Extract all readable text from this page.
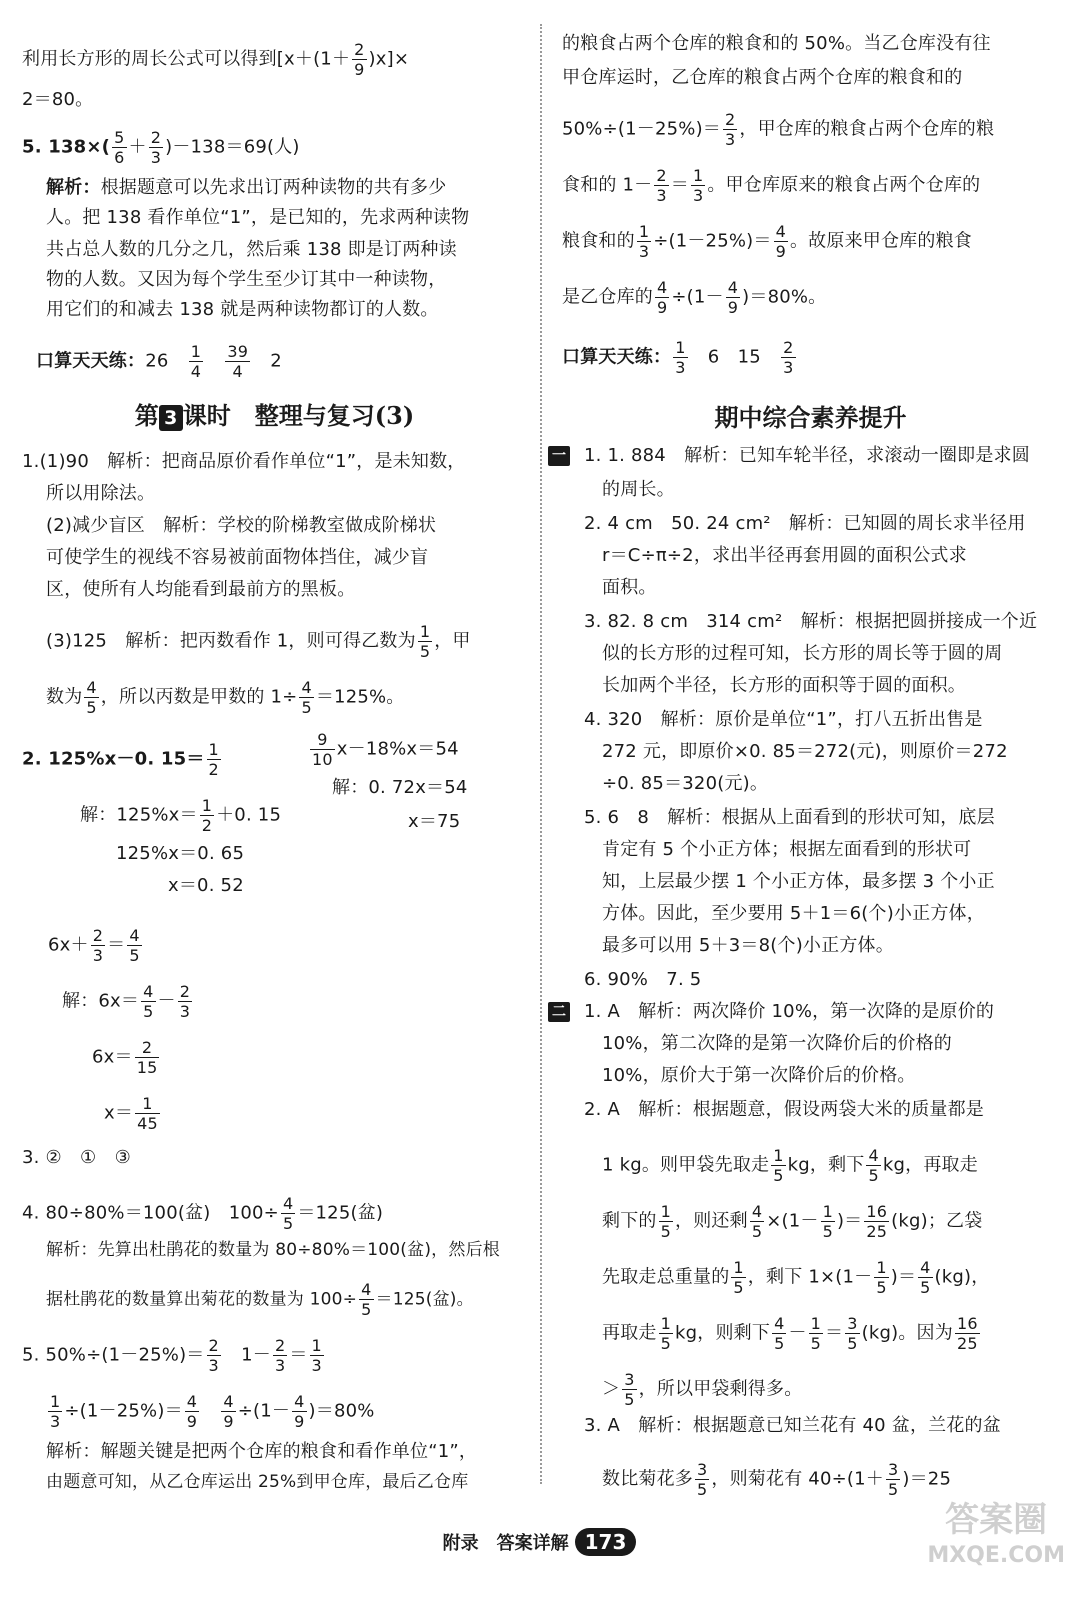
利用长方形的周长公式可以得到$[x+(1+ \frac{2}{9} )x]\times$
2＝80。
5. $138\times( \frac{5}{6} + \frac{2}{3} )-138=69$(人)
解析：根据题意可以先求出订两种读物的共有多少
人。把 138 看作单位“1”，是已知的，先求两种读物
共占总人数的几分之几，然后乘 138 即是订两种读
物的人数。又因为每个学生至少订其中一种读物，
用它们的和减去 138 就是两种读物都订的人数。
口算天天练：26　 $\frac{1}{4}$
　 $\frac{39}{4}$
　 2
第 3 课时　整理与复习(3)
1.(1)90　解析：把商品原价看作单位“1”，是未知数，
所以用除法。
(2)减少盲区　解析：学校的阶梯教室做成阶梯状
可使学生的视线不容易被前面物体挡住，减少盲
区，使所有人均能看到最前方的黑板。
(3)125　解析：把丙数看作 1，则可得乙数为 $\frac{1}{5}$ ，甲
数为 $\frac{4}{5}$ ，所以丙数是甲数的 $1\div \frac{4}{5} =125\%$。
2. 125%x－0. $15= \frac{1}{2}$
解：$125\%x= \frac{1}{2} +0$. 15
125%x＝0. 65
x＝0. 52
$\frac{9}{10} x-18\%x=54$
解：0. 72x＝54
x＝75
$6x+ \frac{2}{3} = \frac{4}{5}$
解：$6x= \frac{4}{5} - \frac{2}{3}$
$6x= \frac{2}{15}$
$x= \frac{1}{45}$
3. ②　①　③
4. 80÷80%＝100(盆)　$100\div \frac{4}{5} =125$(盆)
解析：先算出杜鹃花的数量为 80÷80%＝100(盆)，然后根
据杜鹃花的数量算出菊花的数量为 $100\div \frac{4}{5} =125$(盆)。
5. $50\%\div(1-25\%)= \frac{2}{3}$ 　$1- \frac{2}{3} = \frac{1}{3}$
$\frac{1}{3} \div(1-25\%)= \frac{4}{9}$
　 $\frac{4}{9} \div(1- \frac{4}{9} )=80\%$
解析：解题关键是把两个仓库的粮食和看作单位“1”，
由题意可知，从乙仓库运出 25%到甲仓库，最后乙仓库
的粮食占两个仓库的粮食和的 50%。当乙仓库没有往
甲仓库运时，乙仓库的粮食占两个仓库的粮食和的
$50\%\div(1-25\%)= \frac{2}{3}$ ，甲仓库的粮食占两个仓库的粮
食和的 $1- \frac{2}{3} = \frac{1}{3}$ 。甲仓库原来的粮食占两个仓库的
粮食和的 $\frac{1}{3} \div(1-25\%)= \frac{4}{9}$ 。故原来甲仓库的粮食
是乙仓库的 $\frac{4}{9} \div(1- \frac{4}{9} )=80\%$。
口算天天练： $\frac{1}{3}$
　 6　15　 $\frac{2}{3}$
期中综合素养提升
一 1. 1. 884　解析：已知车轮半径，求滚动一圈即是求圆
的周长。
2. 4 cm　50. 24 cm²　解析：已知圆的周长求半径用
r＝C÷π÷2，求出半径再套用圆的面积公式求
面积。
3. 82. 8 cm　314 cm²　解析：根据把圆拼接成一个近
似的长方形的过程可知，长方形的周长等于圆的周
长加两个半径，长方形的面积等于圆的面积。
4. 320　解析：原价是单位“1”，打八五折出售是
272 元，即原价×0. 85＝272(元)，则原价＝272
÷0. 85＝320(元)。
5. 6　8　解析：根据从上面看到的形状可知，底层
肯定有 5 个小正方体；根据左面看到的形状可
知，上层最少摆 1 个小正方体，最多摆 3 个小正
方体。因此，至少要用 5＋1＝6(个)小正方体，
最多可以用 5＋3＝8(个)小正方体。
6. 90%　7. 5
二 1. A　解析：两次降价 10%，第一次降的是原价的
10%，第二次降的是第一次降价后的价格的
10%，原价大于第一次降价后的价格。
2. A　解析：根据题意，假设两袋大米的质量都是
1 kg。则甲袋先取走 $\frac{1}{5}$ kg，剩下 $\frac{4}{5}$ kg，再取走
剩下的 $\frac{1}{5}$ ，则还剩 $\frac{4}{5} \times(1- \frac{1}{5}$ )＝ $\frac{16}{25} (kg)$；乙袋
先取走总重量的 $\frac{1}{5}$ ，剩下 $1\times(1- \frac{1}{5}$ )＝ $\frac{4}{5} (kg)$，
再取走 $\frac{1}{5}$ kg，则剩下 $\frac{4}{5} - \frac{1}{5} = \frac{3}{5} (kg)$。因为 $\frac{16}{25}$
＞ $\frac{3}{5}$ ，所以甲袋剩得多。
3. A　解析：根据题意已知兰花有 40 盆，兰花的盆
数比菊花多 $\frac{3}{5}$ ，则菊花有 $40\div(1+ \frac{3}{5} )=25$
附录　答案详解 173
答案圈
MXQE.COM
